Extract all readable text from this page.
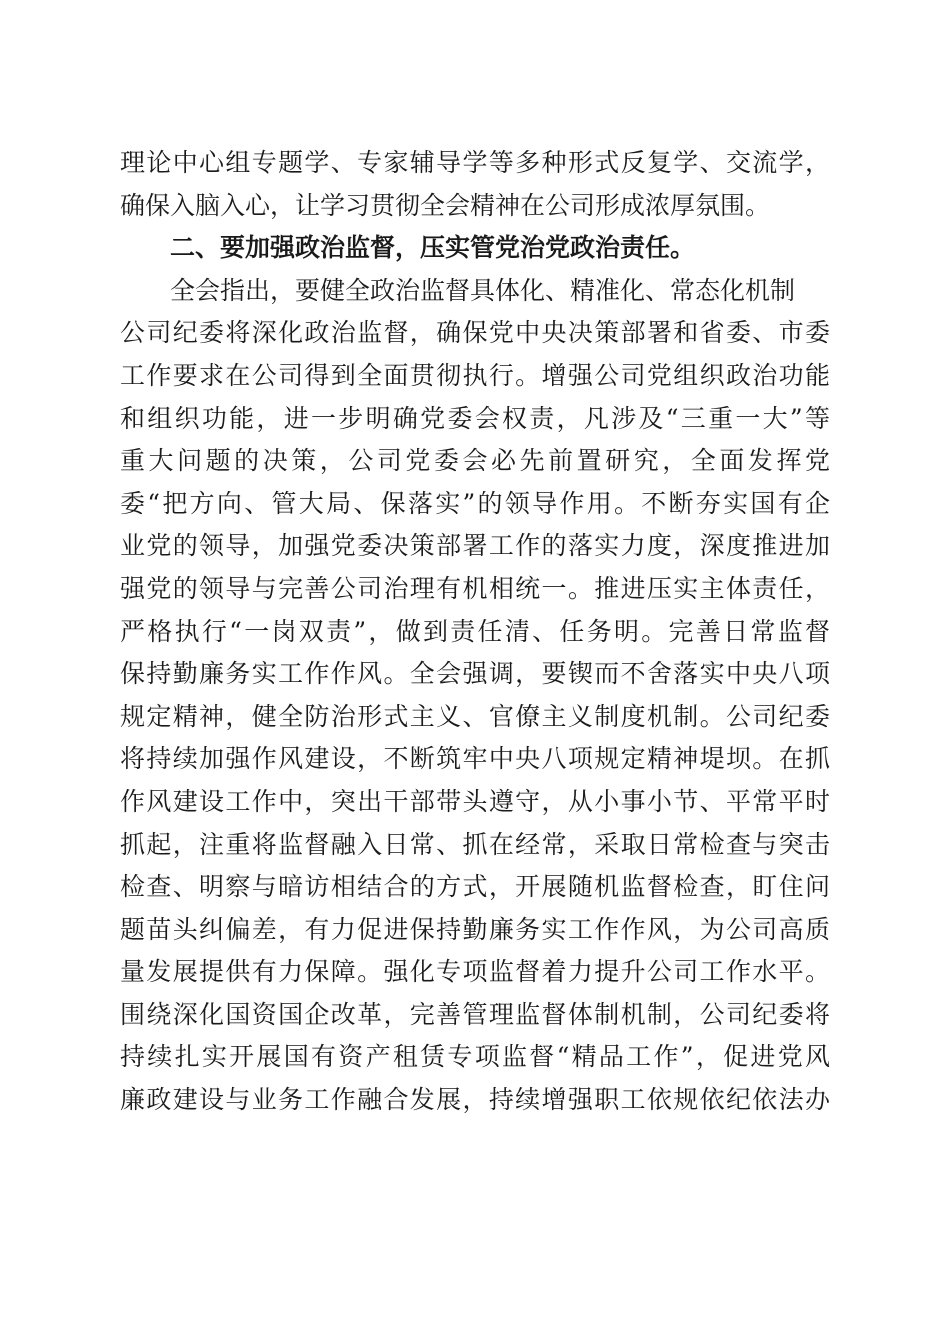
理论中心组专题学、专家辅导学等多种形式反复学、交流学，
确保入脑入心，让学习贯彻全会精神在公司形成浓厚氛围。
二、要加强政治监督，压实管党治党政治责任。
全会指出，要健全政治监督具体化、精准化、常态化机制
公司纪委将深化政治监督，确保党中央决策部署和省委、市委
工作要求在公司得到全面贯彻执行。增强公司党组织政治功能
和组织功能，进一步明确党委会权责，凡涉及“三重一大”等
重大问题的决策，公司党委会必先前置研究，全面发挥党
委“把方向、管大局、保落实”的领导作用。不断夯实国有企
业党的领导，加强党委决策部署工作的落实力度，深度推进加
强党的领导与完善公司治理有机相统一。推进压实主体责任，
严格执行“一岗双责”，做到责任清、任务明。完善日常监督
保持勤廉务实工作作风。全会强调，要锲而不舍落实中央八项
规定精神，健全防治形式主义、官僚主义制度机制。公司纪委
将持续加强作风建设，不断筑牢中央八项规定精神堤坝。在抓
作风建设工作中，突出干部带头遵守，从小事小节、平常平时
抓起，注重将监督融入日常、抓在经常，采取日常检查与突击
检查、明察与暗访相结合的方式，开展随机监督检查，盯住问
题苗头纠偏差，有力促进保持勤廉务实工作作风，为公司高质
量发展提供有力保障。强化专项监督着力提升公司工作水平。
围绕深化国资国企改革，完善管理监督体制机制，公司纪委将
持续扎实开展国有资产租赁专项监督“精品工作”，促进党风
廉政建设与业务工作融合发展，持续增强职工依规依纪依法办
